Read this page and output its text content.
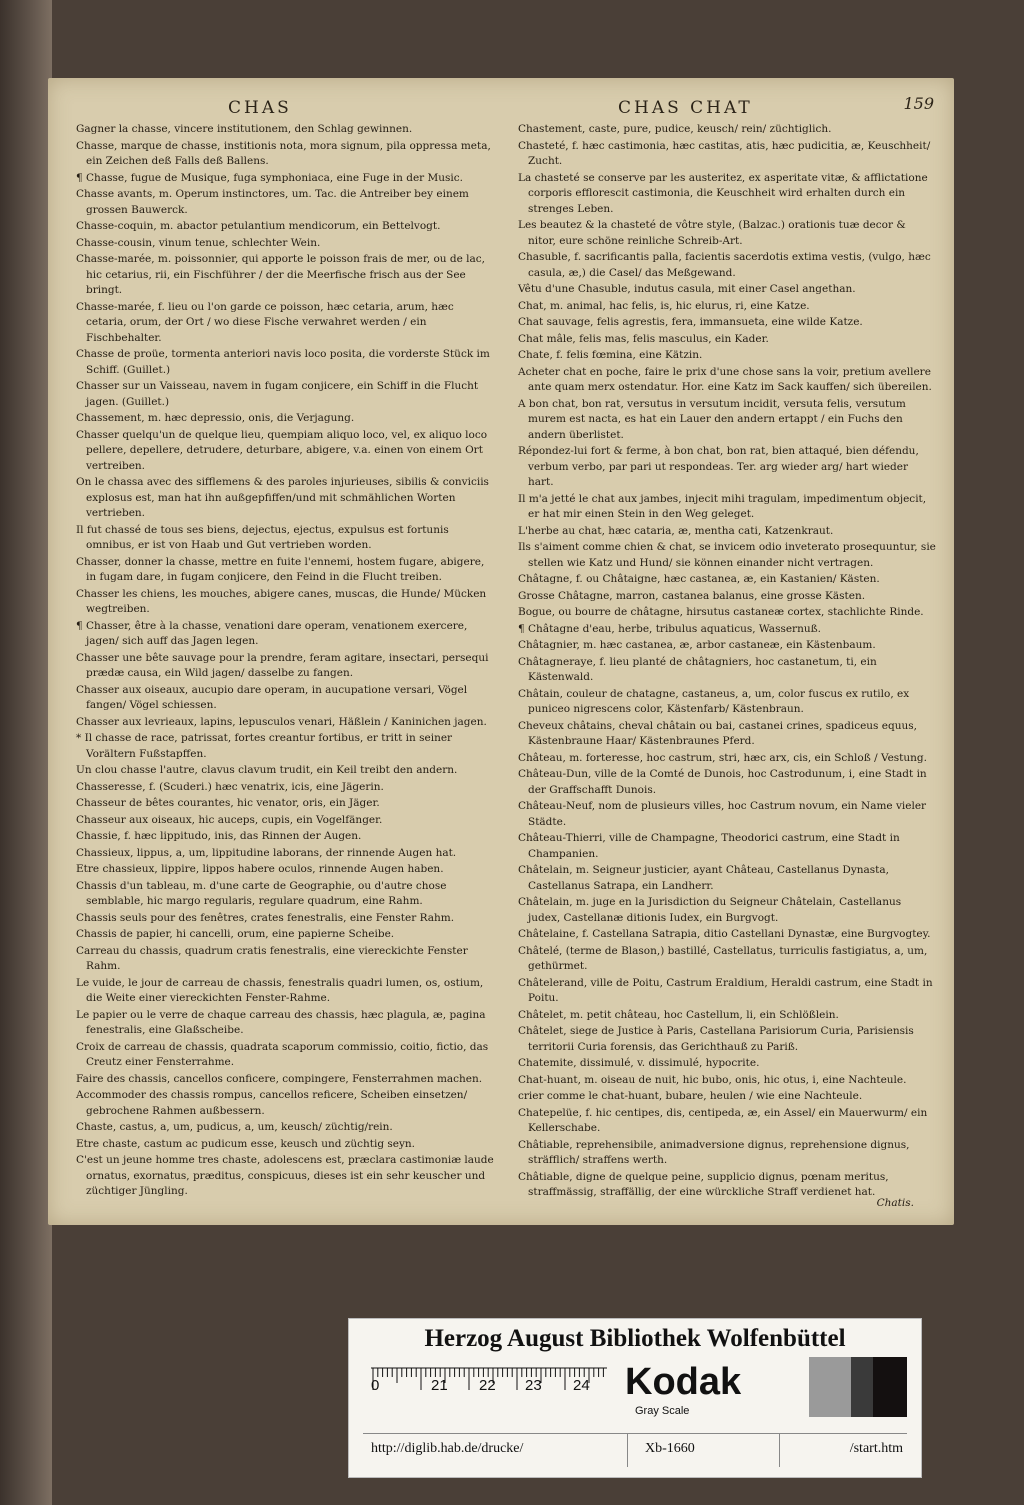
CHAS	CHAS CHAT	159

Gagner la chasse, vincere institutionem, den Schlag gewinnen.

Chasse, marque de chasse, institionis nota, mora signum, pila oppressa meta, ein Zeichen deß Falls deß Ballens.

¶ Chasse, fugue de Musique, fuga symphoniaca, eine Fuge in der Music.

Chasse avants, m. Operum instinctores, um. Tac. die Antreiber bey einem grossen Bauwerck.

Chasse-coquin, m. abactor petulantium mendicorum, ein Bettelvogt.

Chasse-cousin, vinum tenue, schlechter Wein.

Chasse-marée, m. poissonnier, qui apporte le poisson frais de mer, ou de lac, hic cetarius, rii, ein Fischführer / der die Meerfische frisch aus der See bringt.

Chasse-marée, f. lieu ou l'on garde ce poisson, hæc cetaria, arum, hæc cetaria, orum, der Ort / wo diese Fische verwahret werden / ein Fischbehalter.

Chasse de proüe, tormenta anteriori navis loco posita, die vorderste Stück im Schiff. (Guillet.)

Chasser sur un Vaisseau, navem in fugam conjicere, ein Schiff in die Flucht jagen. (Guillet.)

Chassement, m. hæc depressio, onis, die Verjagung.

Chasser quelqu'un de quelque lieu, quempiam aliquo loco, vel, ex aliquo loco pellere, depellere, detrudere, deturbare, abigere, v.a. einen von einem Ort vertreiben.

On le chassa avec des sifflemens & des paroles injurieuses, sibilis & conviciis explosus est, man hat ihn außgepfiffen/und mit schmählichen Worten vertrieben.

Il fut chassé de tous ses biens, dejectus, ejectus, expulsus est fortunis omnibus, er ist von Haab und Gut vertrieben worden.

Chasser, donner la chasse, mettre en fuite l'ennemi, hostem fugare, abigere, in fugam dare, in fugam conjicere, den Feind in die Flucht treiben.

Chasser les chiens, les mouches, abigere canes, muscas, die Hunde/ Mücken wegtreiben.

¶ Chasser, être à la chasse, venationi dare operam, venationem exercere, jagen/ sich auff das Jagen legen.

Chasser une bête sauvage pour la prendre, feram agitare, insectari, persequi prædæ causa, ein Wild jagen/ dasselbe zu fangen.

Chasser aux oiseaux, aucupio dare operam, in aucupatione versari, Vögel fangen/ Vögel schiessen.

Chasser aux levrieaux, lapins, lepusculos venari, Häßlein / Kaninichen jagen.

* Il chasse de race, patrissat, fortes creantur fortibus, er tritt in seiner Vorältern Fußstapffen.

Un clou chasse l'autre, clavus clavum trudit, ein Keil treibt den andern.

Chasseresse, f. (Scuderi.) hæc venatrix, icis, eine Jägerin.

Chasseur de bêtes courantes, hic venator, oris, ein Jäger.

Chasseur aux oiseaux, hic auceps, cupis, ein Vogelfänger.

Chassie, f. hæc lippitudo, inis, das Rinnen der Augen.

Chassieux, lippus, a, um, lippitudine laborans, der rinnende Augen hat.

Etre chassieux, lippire, lippos habere oculos, rinnende Augen haben.

Chassis d'un tableau, m. d'une carte de Geographie, ou d'autre chose semblable, hic margo regularis, regulare quadrum, eine Rahm.

Chassis seuls pour des fenêtres, crates fenestralis, eine Fenster Rahm.

Chassis de papier, hi cancelli, orum, eine papierne Scheibe.

Carreau du chassis, quadrum cratis fenestralis, eine viereckichte Fenster Rahm.

Le vuide, le jour de carreau de chassis, fenestralis quadri lumen, os, ostium, die Weite einer viereckichten Fenster-Rahme.

Le papier ou le verre de chaque carreau des chassis, hæc plagula, æ, pagina fenestralis, eine Glaßscheibe.

Croix de carreau de chassis, quadrata scaporum commissio, coitio, fictio, das Creutz einer Fensterrahme.

Faire des chassis, cancellos conficere, compingere, Fensterrahmen machen.

Accommoder des chassis rompus, cancellos reficere, Scheiben einsetzen/ gebrochene Rahmen außbessern.

Chaste, castus, a, um, pudicus, a, um, keusch/ züchtig/rein.

Etre chaste, castum ac pudicum esse, keusch und züchtig seyn.

C'est un jeune homme tres chaste, adolescens est, præclara castimoniæ laude ornatus, exornatus, præditus, conspicuus, dieses ist ein sehr keuscher und züchtiger Jüngling.

Chastement, caste, pure, pudice, keusch/ rein/ züchtiglich.

Chasteté, f. hæc castimonia, hæc castitas, atis, hæc pudicitia, æ, Keuschheit/ Zucht.

La chasteté se conserve par les austeritez, ex asperitate vitæ, & afflictatione corporis efflorescit castimonia, die Keuschheit wird erhalten durch ein strenges Leben.

Les beautez & la chasteté de vôtre style, (Balzac.) orationis tuæ decor & nitor, eure schöne reinliche Schreib-Art.

Chasuble, f. sacrificantis palla, facientis sacerdotis extima vestis, (vulgo, hæc casula, æ,) die Casel/ das Meßgewand.

Vêtu d'une Chasuble, indutus casula, mit einer Casel angethan.

Chat, m. animal, hac felis, is, hic elurus, ri, eine Katze.

Chat sauvage, felis agrestis, fera, immansueta, eine wilde Katze.

Chat mâle, felis mas, felis masculus, ein Kader.

Chate, f. felis fœmina, eine Kätzin.

Acheter chat en poche, faire le prix d'une chose sans la voir, pretium avellere ante quam merx ostendatur. Hor. eine Katz im Sack kauffen/ sich übereilen.

A bon chat, bon rat, versutus in versutum incidit, versuta felis, versutum murem est nacta, es hat ein Lauer den andern ertappt / ein Fuchs den andern überlistet.

Répondez-lui fort & ferme, à bon chat, bon rat, bien attaqué, bien défendu, verbum verbo, par pari ut respondeas. Ter. arg wieder arg/ hart wieder hart.

Il m'a jetté le chat aux jambes, injecit mihi tragulam, impedimentum objecit, er hat mir einen Stein in den Weg geleget.

L'herbe au chat, hæc cataria, æ, mentha cati, Katzenkraut.

Ils s'aiment comme chien & chat, se invicem odio inveterato prosequuntur, sie stellen wie Katz und Hund/ sie können einander nicht vertragen.

Châtagne, f. ou Châtaigne, hæc castanea, æ, ein Kastanien/ Kästen.

Grosse Châtagne, marron, castanea balanus, eine grosse Kästen.

Bogue, ou bourre de châtagne, hirsutus castaneæ cortex, stachlichte Rinde.

¶ Châtagne d'eau, herbe, tribulus aquaticus, Wassernuß.

Châtagnier, m. hæc castanea, æ, arbor castaneæ, ein Kästenbaum.

Châtagneraye, f. lieu planté de châtagniers, hoc castanetum, ti, ein Kästenwald.

Châtain, couleur de chatagne, castaneus, a, um, color fuscus ex rutilo, ex puniceo nigrescens color, Kästenfarb/ Kästenbraun.

Cheveux châtains, cheval châtain ou bai, castanei crines, spadiceus equus, Kästenbraune Haar/ Kästenbraunes Pferd.

Château, m. forteresse, hoc castrum, stri, hæc arx, cis, ein Schloß / Vestung.

Château-Dun, ville de la Comté de Dunois, hoc Castrodunum, i, eine Stadt in der Graffschafft Dunois.

Château-Neuf, nom de plusieurs villes, hoc Castrum novum, ein Name vieler Städte.

Château-Thierri, ville de Champagne, Theodorici castrum, eine Stadt in Champanien.

Châtelain, m. Seigneur justicier, ayant Château, Castellanus Dynasta, Castellanus Satrapa, ein Landherr.

Châtelain, m. juge en la Jurisdiction du Seigneur Châtelain, Castellanus judex, Castellanæ ditionis Iudex, ein Burgvogt.

Châtelaine, f. Castellana Satrapia, ditio Castellani Dynastæ, eine Burgvogtey.

Châtelé, (terme de Blason,) bastillé, Castellatus, turriculis fastigiatus, a, um, gethürmet.

Châtelerand, ville de Poitu, Castrum Eraldium, Heraldi castrum, eine Stadt in Poitu.

Châtelet, m. petit château, hoc Castellum, li, ein Schlößlein.

Châtelet, siege de Justice à Paris, Castellana Parisiorum Curia, Parisiensis territorii Curia forensis, das Gerichthauß zu Pariß.

Chatemite, dissimulé, v. dissimulé, hypocrite.

Chat-huant, m. oiseau de nuit, hic bubo, onis, hic otus, i, eine Nachteule.

crier comme le chat-huant, bubare, heulen / wie eine Nachteule.

Chatepelüe, f. hic centipes, dis, centipeda, æ, ein Assel/ ein Mauerwurm/ ein Kellerschabe.

Châtiable, reprehensibile, animadversione dignus, reprehensione dignus, sträfflich/ straffens werth.

Châtiable, digne de quelque peine, supplicio dignus, pœnam meritus, straffmässig, straffällig, der eine würckliche Straff verdienet hat.

Chatis.
Herzog August Bibliothek Wolfenbüttel
0	21 22 23 24 Kodak
Gray Scale
http://diglib.hab.de/drucke/	Xb-1660	/start.htm
